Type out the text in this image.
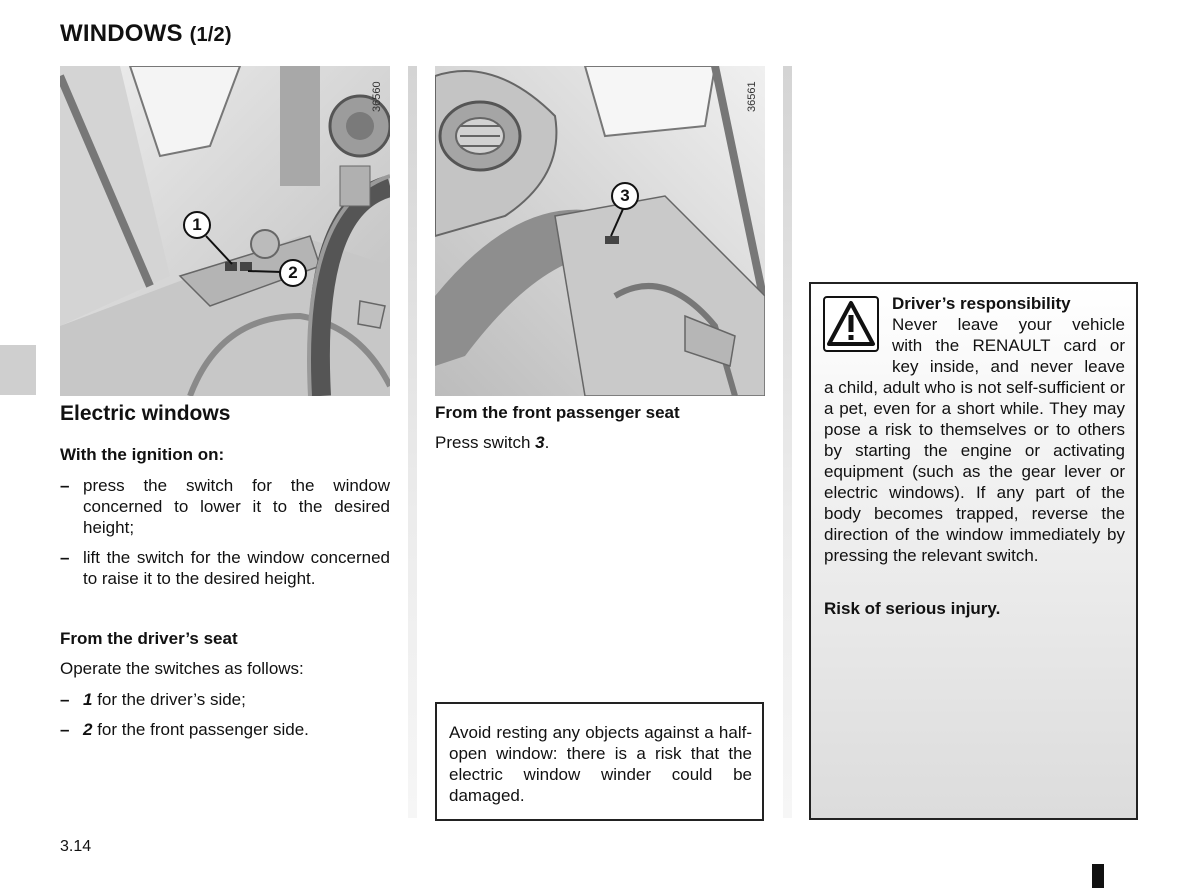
WINDOWS (1/2)
36560
1
2
36561
3
Electric windows
With the ignition on:
– press the switch for the window concerned to lower it to the desired height;
– lift the switch for the window concerned to raise it to the desired height.
From the driver’s seat
Operate the switches as follows:
– 1 for the driver’s side;
– 2 for the front passenger side.
From the front passenger seat
Press switch 3.
Avoid resting any objects against a half-open window: there is a risk that the electric window winder could be damaged.
Driver’s responsibility
Never leave your vehicle
with the RENAULT card or
key inside, and never leave
a child, adult who is not self-sufficient or a pet, even for a short while. They may pose a risk to themselves or to others by starting the engine or activating equipment (such as the gear lever or electric windows). If any part of the body becomes trapped, reverse the direction of the window immediately by pressing the relevant switch.
Risk of serious injury.
3.14
